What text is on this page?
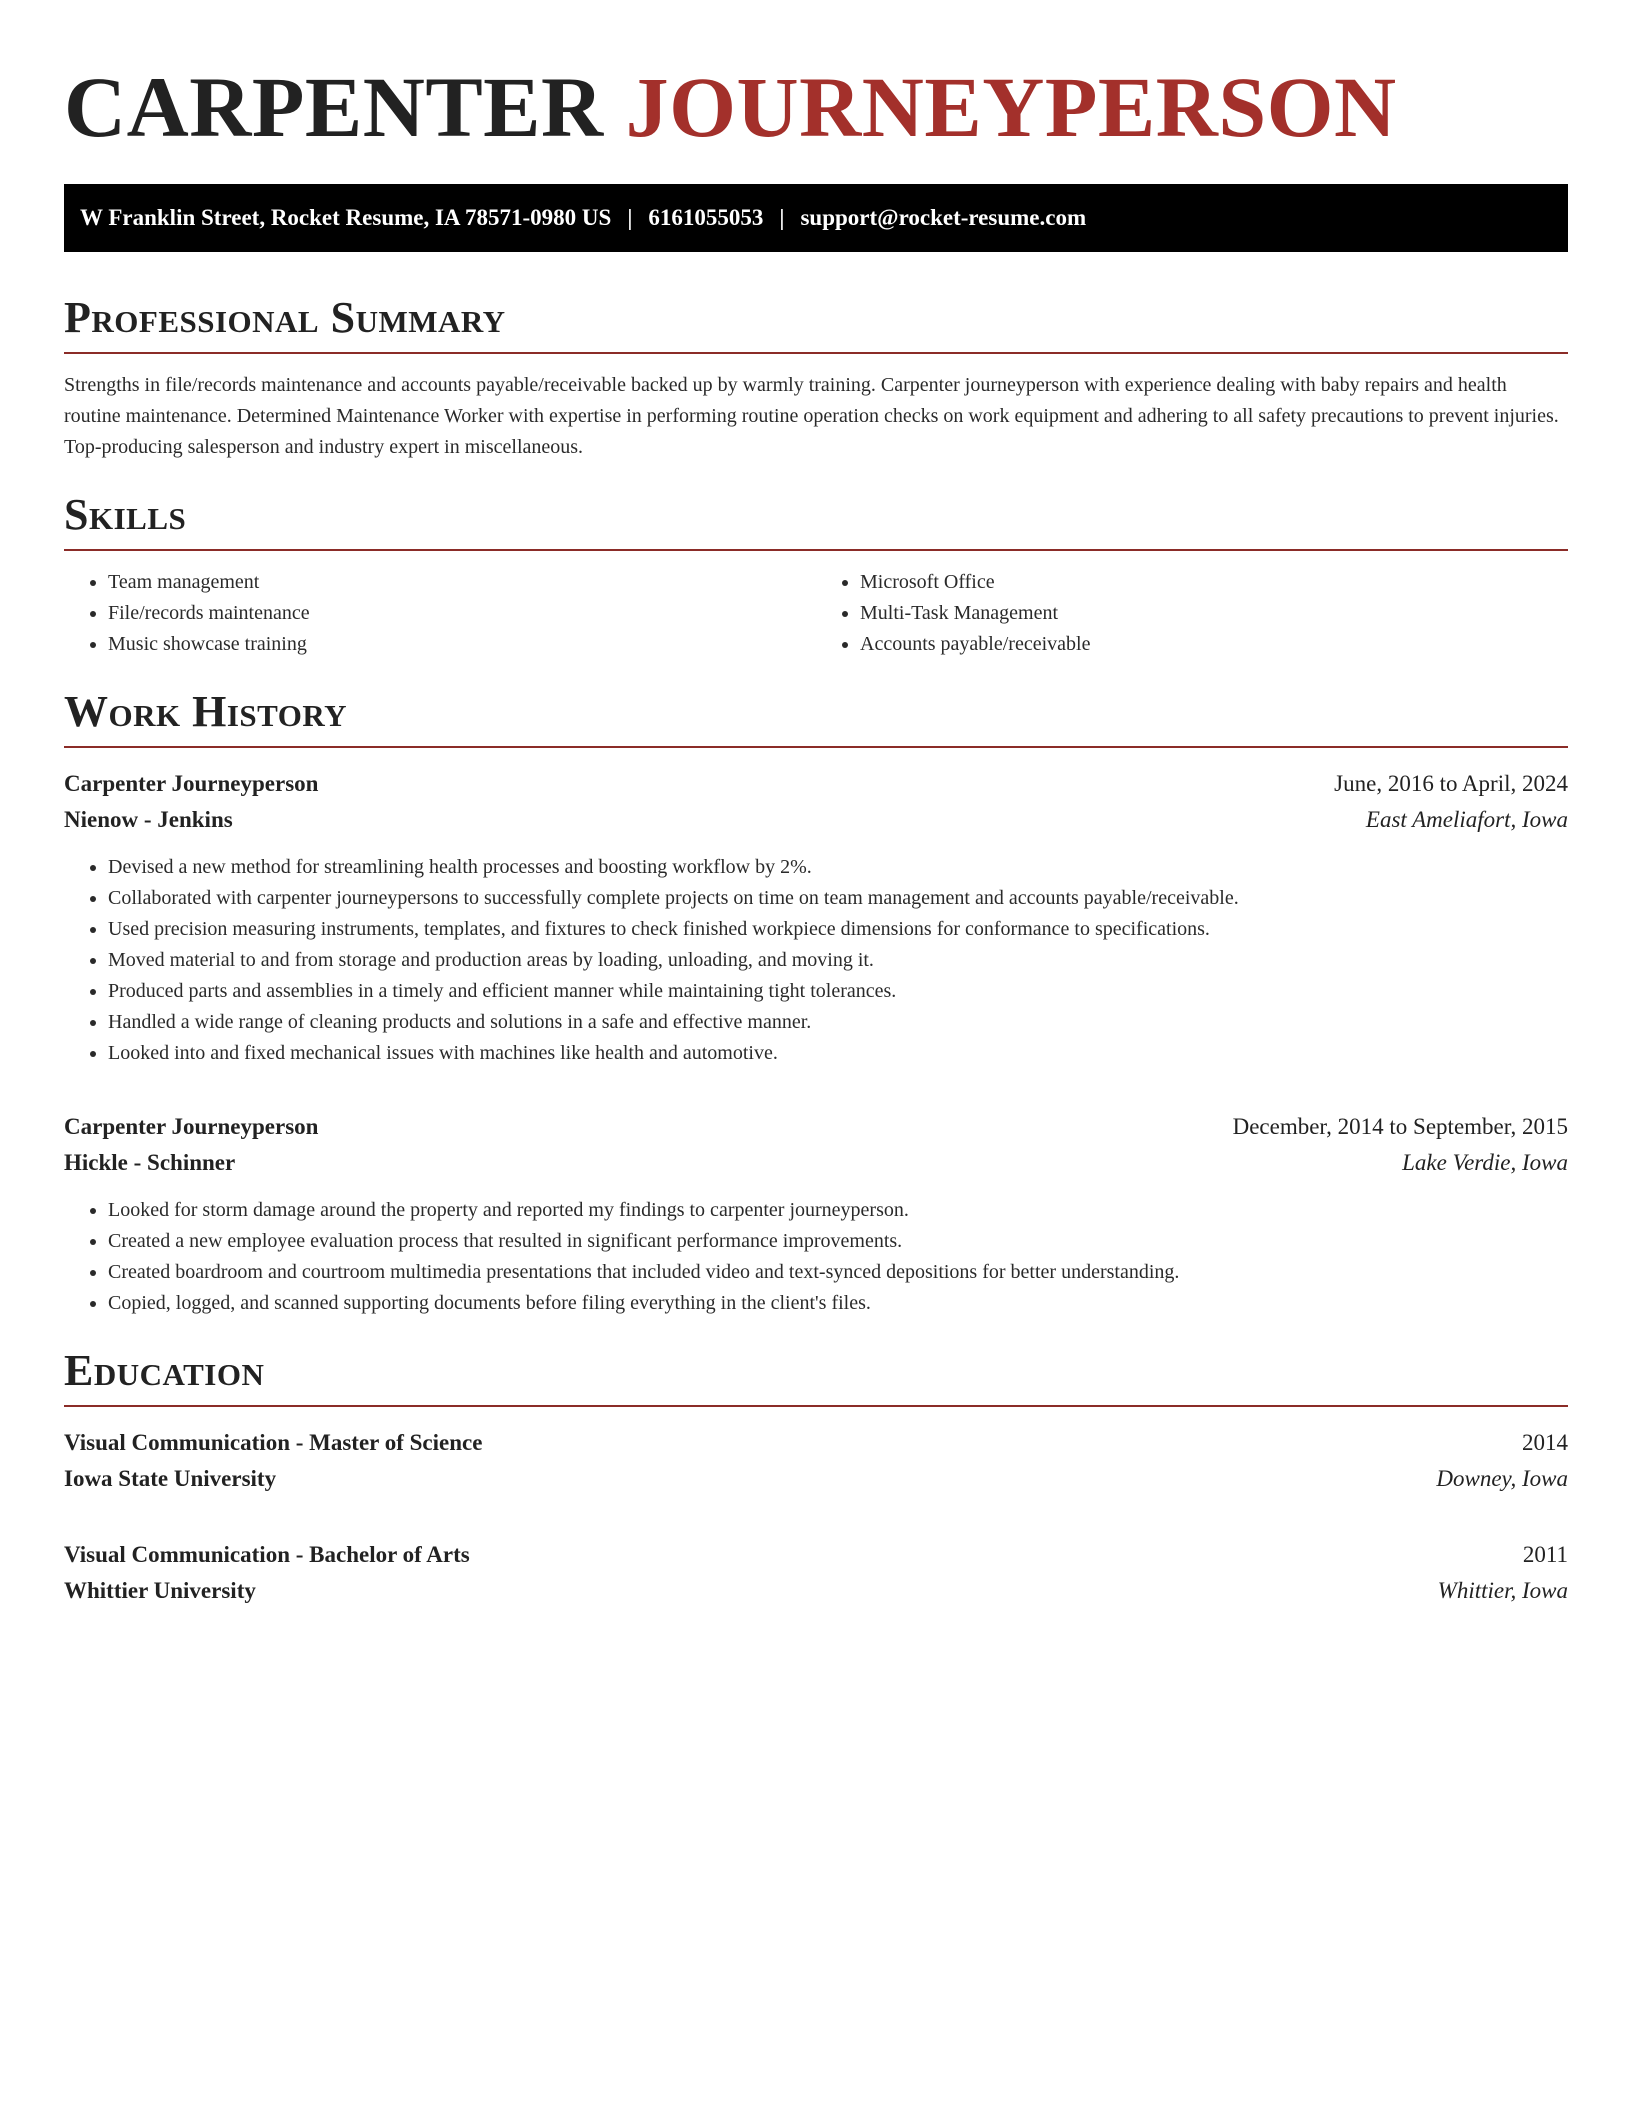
CARPENTER JOURNEYPERSON
W Franklin Street, Rocket Resume, IA 78571-0980 US | 6161055053 | support@rocket-resume.com
Professional Summary

Strengths in file/records maintenance and accounts payable/receivable backed up by warmly training. Carpenter journeyperson with experience dealing with baby repairs and health routine maintenance. Determined Maintenance Worker with expertise in performing routine operation checks on work equipment and adhering to all safety precautions to prevent injuries. Top-producing salesperson and industry expert in miscellaneous.

Skills
• Team management
• File/records maintenance
• Music showcase training
• Microsoft Office
• Multi-Task Management
• Accounts payable/receivable
Work History
Carpenter Journeyperson	June, 2016 to April, 2024
Nienow - Jenkins	East Ameliafort, Iowa
• Devised a new method for streamlining health processes and boosting workflow by 2%.
• Collaborated with carpenter journeypersons to successfully complete projects on time on team management and accounts payable/receivable.
• Used precision measuring instruments, templates, and fixtures to check finished workpiece dimensions for conformance to specifications.
• Moved material to and from storage and production areas by loading, unloading, and moving it.
• Produced parts and assemblies in a timely and efficient manner while maintaining tight tolerances.
• Handled a wide range of cleaning products and solutions in a safe and effective manner.
• Looked into and fixed mechanical issues with machines like health and automotive.
Carpenter Journeyperson	December, 2014 to September, 2015
Hickle - Schinner	Lake Verdie, Iowa
• Looked for storm damage around the property and reported my findings to carpenter journeyperson.
• Created a new employee evaluation process that resulted in significant performance improvements.
• Created boardroom and courtroom multimedia presentations that included video and text-synced depositions for better understanding.
• Copied, logged, and scanned supporting documents before filing everything in the client's files.
Education
Visual Communication - Master of Science	2014
Iowa State University	Downey, Iowa
Visual Communication - Bachelor of Arts	2011
Whittier University	Whittier, Iowa
